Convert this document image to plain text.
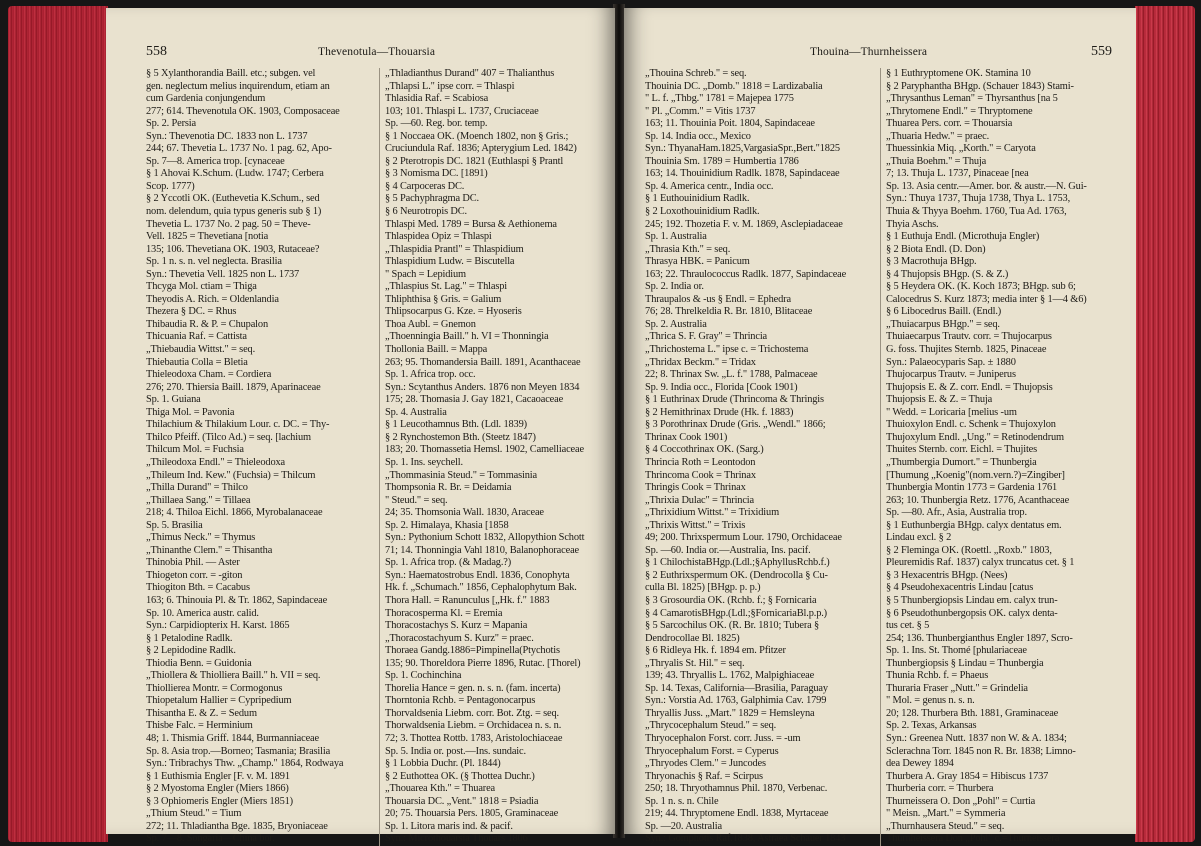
558	Thevenotula—Thouarsia
§ 5 Xylanthorandia Baill. etc.; subgen. vel
gen. neglectum melius inquirendum, etiam an
cum Gardenia conjungendum
277; 614. Thevenotula OK. 1903, Composaceae
Sp. 2. Persia
Syn.: Thevenotia DC. 1833 non L. 1737
244; 67. Thevetia L. 1737 No. 1 pag. 62, Apo-
Sp. 7—8. America trop. [cynaceae
§ 1 Ahovai K.Schum. (Ludw. 1747; Cerbera
Scop. 1777)
§ 2 Yccotli OK. (Euthevetia K.Schum., sed
nom. delendum, quia typus generis sub § 1)
Thevetia L. 1737 No. 2 pag. 50 = Theve-
Vell. 1825 = Thevetiana [notia
135; 106. Thevetiana OK. 1903, Rutaceae?
Sp. 1 n. s. n. vel neglecta. Brasilia
Syn.: Thevetia Vell. 1825 non L. 1737
Thcyga Mol. ctiam = Thiga
Theyodis A. Rich. = Oldenlandia
Thezera § DC. = Rhus
Thibaudia R. & P. = Chupalon
Thicuania Raf. = Cattista
„Thiebaudia Wittst." = seq.
Thiebautia Colla = Bletia
Thieleodoxa Cham. = Cordiera
276; 270. Thiersia Baill. 1879, Aparinaceae
Sp. 1. Guiana
Thiga Mol. = Pavonia
Thilachium & Thilakium Lour. c. DC. = Thy-
Thilco Pfeiff. (Tilco Ad.) = seq. [lachium
Thilcum Mol. = Fuchsia
„Thileodoxa Endl." = Thieleodoxa
„Thileum Ind. Kew." (Fuchsia) = Thilcum
„Thilla Durand" = Thilco
„Thillaea Sang." = Tillaea
218; 4. Thiloa Eichl. 1866, Myrobalanaceae
Sp. 5. Brasilia
„Thimus Neck." = Thymus
„Thinanthe Clem." = Thisantha
Thinobia Phil. — Aster
Thiogeton corr. = -giton
Thiogiton Bth. = Cacabus
163; 6. Thinouia Pl. & Tr. 1862, Sapindaceae
Sp. 10. America austr. calid.
Syn.: Carpidiopterix H. Karst. 1865
§ 1 Petalodine Radlk.
§ 2 Lepidodine Radlk.
Thiodia Benn. = Guidonia
„Thiollera & Thiolliera Baill." h. VII = seq.
Thiollierea Montr. = Cormogonus
Thiopetalum Hallier = Cypripedium
Thisantha E. & Z. = Sedum
Thisbe Falc. = Herminium
48; 1. Thismia Griff. 1844, Burmanniaceae
Sp. 8. Asia trop.—Borneo; Tasmania; Brasilia
Syn.: Tribrachys Thw. „Champ." 1864, Rodwaya
§ 1 Euthismia Engler [F. v. M. 1891
§ 2 Myostoma Engler (Miers 1866)
§ 3 Ophiomeris Engler (Miers 1851)
„Thium Steud." = Tium
272; 11. Thladiantha Bge. 1835, Bryoniaceae
Sp. 7—8. Songaria—China bor.
„Thladianthus Durand" 407 = Thalianthus
„Thlapsi L." ipse corr. = Thlaspi
Thlasidia Raf. = Scabiosa
103; 101. Thlaspi L. 1737, Cruciaceae
Sp. —60. Reg. bor. temp.
§ 1 Noccaea OK. (Moench 1802, non § Gris.;
Cruciundula Raf. 1836; Apterygium Led. 1842)
§ 2 Pterotropis DC. 1821 (Euthlaspi § Prantl
§ 3 Nomisma DC. [1891)
§ 4 Carpoceras DC.
§ 5 Pachyphragma DC.
§ 6 Neurotropis DC.
Thlaspi Med. 1789 = Bursa & Aethionema
Thlaspidea Opiz = Thlaspi
„Thlaspidia Prantl" = Thlaspidium
Thlaspidium Ludw. = Biscutella
" Spach = Lepidium
„Thlaspius St. Lag." = Thlaspi
Thliphthisa § Gris. = Galium
Thlipsocarpus G. Kze. = Hyoseris
Thoa Aubl. = Gnemon
„Thoenningia Baill." h. VI = Thonningia
Thollonia Baill. = Mappa
263; 95. Thomandersia Baill. 1891, Acanthaceae
Sp. 1. Africa trop. occ.
Syn.: Scytanthus Anders. 1876 non Meyen 1834
175; 28. Thomasia J. Gay 1821, Cacaoaceae
Sp. 4. Australia
§ 1 Leucothamnus Bth. (Ldl. 1839)
§ 2 Rynchostemon Bth. (Steetz 1847)
183; 20. Thomassetia Hemsl. 1902, Camelliaceae
Sp. 1. Ins. seychell.
„Thommasinia Steud." = Tommasinia
Thompsonia R. Br. = Deidamia
" Steud." = seq.
24; 35. Thomsonia Wall. 1830, Araceae
Sp. 2. Himalaya, Khasia [1858
Syn.: Pythonium Schott 1832, Allopythion Schott
71; 14. Thonningia Vahl 1810, Balanophoraceae
Sp. 1. Africa trop. (& Madag.?)
Syn.: Haematostrobus Endl. 1836, Conophyta
Hk. f. „Schumach." 1856, Cephalophytum Bak.
Thora Hall. = Ranunculus [„Hk. f." 1883
Thoracosperma Kl. = Eremia
Thoracostachys S. Kurz = Mapania
„Thoracostachyum S. Kurz" = praec.
Thoraea Gandg.1886=Pimpinella(Ptychotis
135; 90. Thoreldora Pierre 1896, Rutac. [Thorel)
Sp. 1. Cochinchina
Thorelia Hance = gen. n. s. n. (fam. incerta)
Thorntonia Rchb. = Pentagonocarpus
Thorvaldsenia Liebm. corr. Bot. Ztg. = seq.
Thorwaldsenia Liebm. = Orchidacea n. s. n.
72; 3. Thottea Rottb. 1783, Aristolochiaceae
Sp. 5. India or. post.—Ins. sundaic.
§ 1 Lobbia Duchr. (Pl. 1844)
§ 2 Euthottea OK. (§ Thottea Duchr.)
„Thouarea Kth." = Thuarea
Thouarsia DC. „Vent." 1818 = Psiadia
20; 75. Thouarsia Pers. 1805, Graminaceae
Sp. 1. Litora maris ind. & pacif.
Syn.: Microthouarsia Thouars 1806
Thouina—Thurnheissera	559
„Thouina Schreb." = seq.
Thouinia DC. „Domb." 1818 = Lardizabalia
" L. f. „Thbg." 1781 = Majepea 1775
" Pl. „Comm." = Vitis 1737
163; 11. Thouinia Poit. 1804, Sapindaceae
Sp. 14. India occ., Mexico
Syn.: ThyanaHam.1825,VargasiaSpr.,Bert."1825
Thouinia Sm. 1789 = Humbertia 1786
163; 14. Thouinidium Radlk. 1878, Sapindaceae
Sp. 4. America centr., India occ.
§ 1 Euthouinidium Radlk.
§ 2 Loxothouinidium Radlk.
245; 192. Thozetia F. v. M. 1869, Asclepiadaceae
Sp. 1. Australia
„Thrasia Kth." = seq.
Thrasya HBK. = Panicum
163; 22. Thraulococcus Radlk. 1877, Sapindaceae
Sp. 2. India or.
Thraupalos & -us § Endl. = Ephedra
76; 28. Threlkeldia R. Br. 1810, Blitaceae
Sp. 2. Australia
„Thrica S. F. Gray" = Thrincia
„Thrichostema L." ipse c. = Trichostema
„Thridax Beckm." = Tridax
22; 8. Thrinax Sw. „L. f." 1788, Palmaceae
Sp. 9. India occ., Florida [Cook 1901)
§ 1 Euthrinax Drude (Thrincoma & Thringis
§ 2 Hemithrinax Drude (Hk. f. 1883)
§ 3 Porothrinax Drude (Gris. „Wendl." 1866;
Thrinax Cook 1901)
§ 4 Coccothrinax OK. (Sarg.)
Thrincia Roth = Leontodon
Thrincoma Cook = Thrinax
Thringis Cook = Thrinax
„Thrixia Dulac" = Thrincia
„Thrixidium Wittst." = Trixidium
„Thrixis Wittst." = Trixis
49; 200. Thrixspermum Lour. 1790, Orchidaceae
Sp. —60. India or.—Australia, Ins. pacif.
§ 1 ChilochistaBHgp.(Ldl.;§AphyllusRchb.f.)
§ 2 Euthrixspermum OK. (Dendrocolla § Cu-
culla Bl. 1825) [BHgp. p. p.)
§ 3 Grosourdia OK. (Rchb. f.; § Fornicaria
§ 4 CamarotisBHgp.(Ldl.;§FornicariaBl.p.p.)
§ 5 Sarcochilus OK. (R. Br. 1810; Tubera §
Dendrocollae Bl. 1825)
§ 6 Ridleya Hk. f. 1894 em. Pfitzer
„Thryalis St. Hil." = seq.
139; 43. Thryallis L. 1762, Malpighiaceae
Sp. 14. Texas, California—Brasilia, Paraguay
Syn.: Vorstia Ad. 1763, Galphimia Cav. 1799
Thryallis Juss. „Mart." 1829 = Hemsleyna
„Thrycocephalum Steud." = seq.
Thryocephalon Forst. corr. Juss. = -um
Thryocephalum Forst. = Cyperus
„Thryodes Clem." = Juncodes
Thryonachis § Raf. = Scirpus
250; 18. Thryothamnus Phil. 1870, Verbenac.
Sp. 1 n. s. n. Chile
219; 44. Thryptomene Endl. 1838, Myrtaceae
Sp. —20. Australia
Syn.: Gomphotis Raf.1838, Astraea Schauer 1843
§ 1 Euthryptomene OK. Stamina 10
§ 2 Paryphantha BHgp. (Schauer 1843) Stami-
„Thrysanthus Leman" = Thyrsanthus [na 5
„Thrytomene Endl." = Thryptomene
Thuarea Pers. corr. = Thouarsia
„Thuaria Hedw." = praec.
Thuessinkia Miq. „Korth." = Caryota
„Thuia Boehm." = Thuja
7; 13. Thuja L. 1737, Pinaceae [nea
Sp. 13. Asia centr.—Amer. bor. & austr.—N. Gui-
Syn.: Thuya 1737, Thuja 1738, Thya L. 1753,
Thuia & Thyya Boehm. 1760, Tua Ad. 1763,
Thyia Aschs.
§ 1 Euthuja Endl. (Microthuja Engler)
§ 2 Biota Endl. (D. Don)
§ 3 Macrothuja BHgp.
§ 4 Thujopsis BHgp. (S. & Z.)
§ 5 Heydera OK. (K. Koch 1873; BHgp. sub 6;
Calocedrus S. Kurz 1873; media inter § 1—4 &6)
§ 6 Libocedrus Baill. (Endl.)
„Thuiacarpus BHgp." = seq.
Thuiaecarpus Trautv. corr. = Thujocarpus
G. foss. Thujites Sternb. 1825, Pinaceae
Syn.: Palaeocyparis Sap. ± 1880
Thujocarpus Trautv. = Juniperus
Thujopsis E. & Z. corr. Endl. = Thujopsis
Thujopsis E. & Z. = Thuja
" Wedd. = Loricaria [melius -um
Thuioxylon Endl. c. Schenk = Thujoxylon
Thujoxylum Endl. „Ung." = Retinodendrum
Thuites Sternb. corr. Eichl. = Thujites
„Thumbergia Dumort." = Thunbergia
[Thumung „Koenig"(nom.vern.?)=Zingiber]
Thunbergia Montin 1773 = Gardenia 1761
263; 10. Thunbergia Retz. 1776, Acanthaceae
Sp. —80. Afr., Asia, Australia trop.
§ 1 Euthunbergia BHgp. calyx dentatus em.
Lindau excl. § 2
§ 2 Fleminga OK. (Roettl. „Roxb." 1803,
Pleuremidis Raf. 1837) calyx truncatus cet. § 1
§ 3 Hexacentris BHgp. (Nees)
§ 4 Pseudohexacentris Lindau [catus
§ 5 Thunbergiopsis Lindau em. calyx trun-
§ 6 Pseudothunbergopsis OK. calyx denta-
tus cet. § 5
254; 136. Thunbergianthus Engler 1897, Scro-
Sp. 1. Ins. St. Thomé [phulariaceae
Thunbergiopsis § Lindau = Thunbergia
Thunia Rchb. f. = Phaeus
Thuraria Fraser „Nutt." = Grindelia
" Mol. = genus n. s. n.
20; 128. Thurbera Bth. 1881, Graminaceae
Sp. 2. Texas, Arkansas
Syn.: Greenea Nutt. 1837 non W. & A. 1834;
Sclerachna Torr. 1845 non R. Br. 1838; Limno-
dea Dewey 1894
Thurbera A. Gray 1854 = Hibiscus 1737
Thurberia corr. = Thurbera
Thurneissera O. Don „Pohl" = Curtia
" Meisn. „Mart." = Symmeria
„Thurnhausera Steud." = seq.
Thurnheissera Don „Pohl" c.=Thurneissera
